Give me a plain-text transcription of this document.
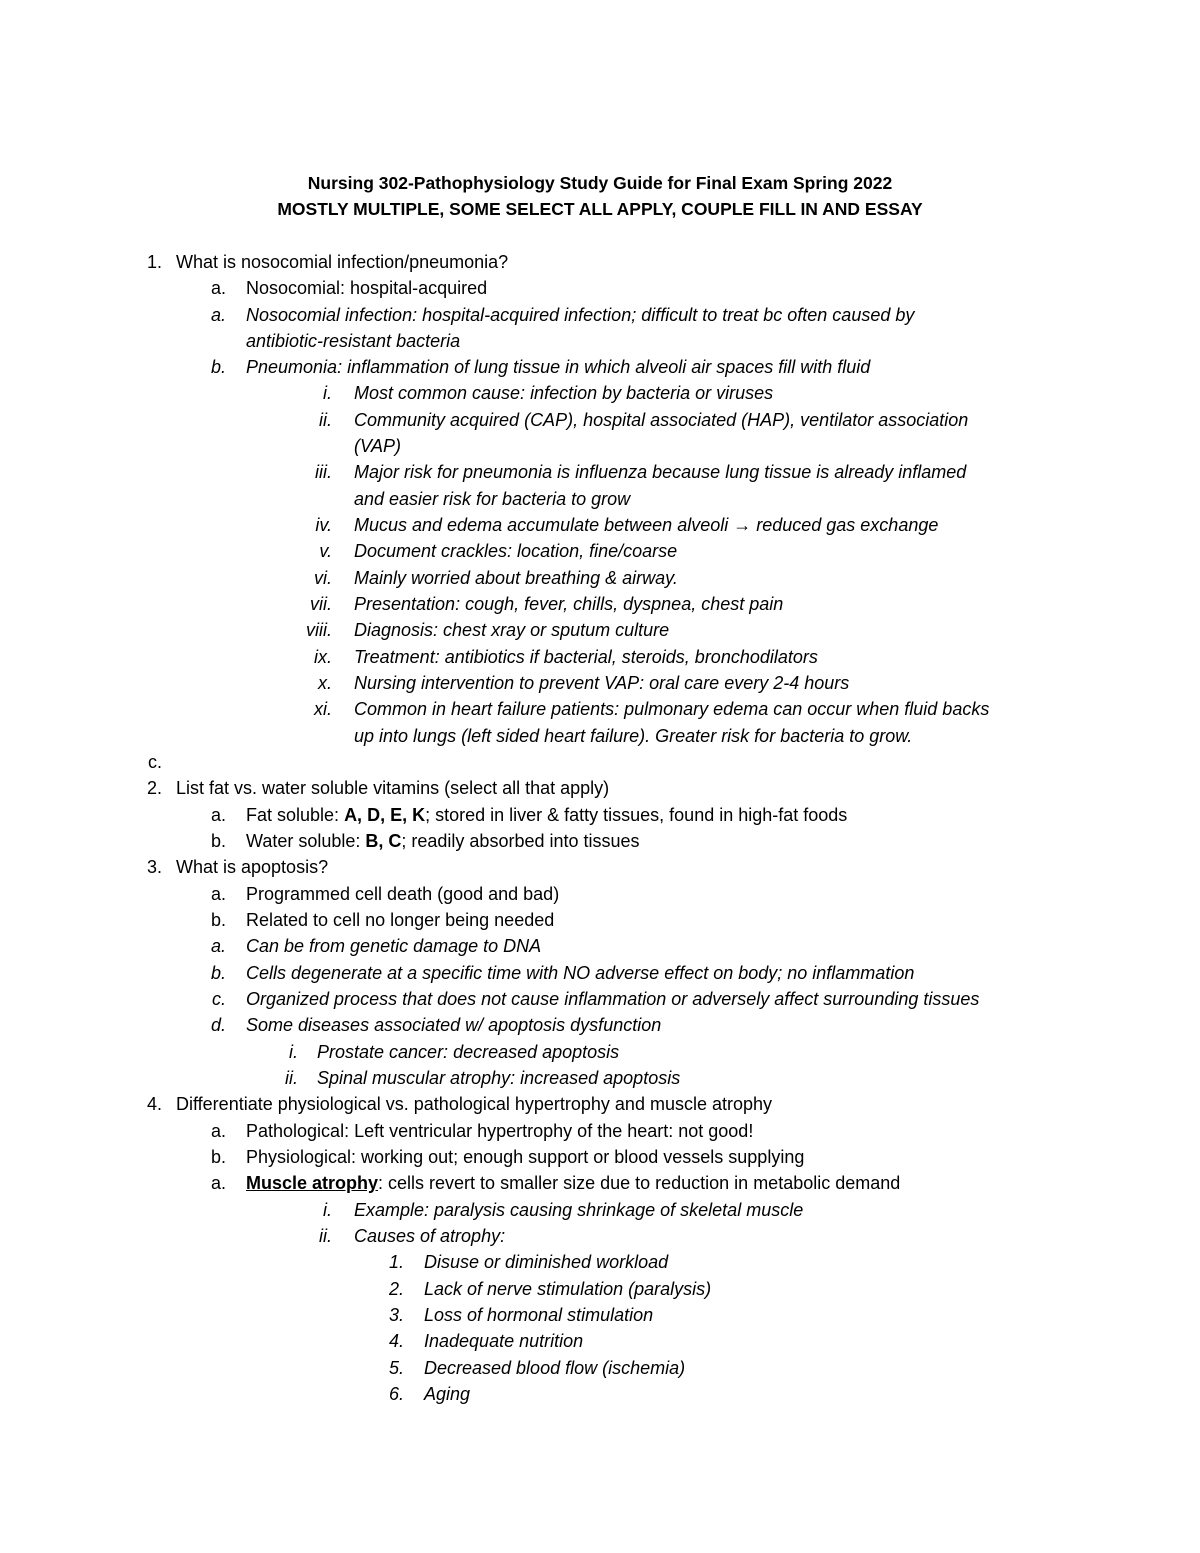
Nursing 302-Pathophysiology Study Guide for Final Exam Spring 2022
MOSTLY MULTIPLE, SOME SELECT ALL APPLY, COUPLE FILL IN AND ESSAY
1. What is nosocomial infection/pneumonia?
a. Nosocomial: hospital-acquired
a. Nosocomial infection: hospital-acquired infection; difficult to treat bc often caused by
antibiotic-resistant bacteria
b. Pneumonia: inflammation of lung tissue in which alveoli air spaces fill with fluid
i. Most common cause: infection by bacteria or viruses
ii. Community acquired (CAP), hospital associated (HAP), ventilator association
(VAP)
iii. Major risk for pneumonia is influenza because lung tissue is already inflamed
and easier risk for bacteria to grow
iv. Mucus and edema accumulate between alveoli → reduced gas exchange
v. Document crackles: location, fine/coarse
vi. Mainly worried about breathing & airway.
vii. Presentation: cough, fever, chills, dyspnea, chest pain
viii. Diagnosis: chest xray or sputum culture
ix. Treatment: antibiotics if bacterial, steroids, bronchodilators
x. Nursing intervention to prevent VAP: oral care every 2-4 hours
xi. Common in heart failure patients: pulmonary edema can occur when fluid backs
up into lungs (left sided heart failure). Greater risk for bacteria to grow.
c.
2. List fat vs. water soluble vitamins (select all that apply)
a. Fat soluble: A, D, E, K; stored in liver & fatty tissues, found in high-fat foods
b. Water soluble: B, C; readily absorbed into tissues
3. What is apoptosis?
a. Programmed cell death (good and bad)
b. Related to cell no longer being needed
a. Can be from genetic damage to DNA
b. Cells degenerate at a specific time with NO adverse effect on body; no inflammation
c. Organized process that does not cause inflammation or adversely affect surrounding tissues
d. Some diseases associated w/ apoptosis dysfunction
i. Prostate cancer: decreased apoptosis
ii. Spinal muscular atrophy: increased apoptosis
4. Differentiate physiological vs. pathological hypertrophy and muscle atrophy
a. Pathological: Left ventricular hypertrophy of the heart: not good!
b. Physiological: working out; enough support or blood vessels supplying
a. Muscle atrophy: cells revert to smaller size due to reduction in metabolic demand
i. Example: paralysis causing shrinkage of skeletal muscle
ii. Causes of atrophy:
1. Disuse or diminished workload
2. Lack of nerve stimulation (paralysis)
3. Loss of hormonal stimulation
4. Inadequate nutrition
5. Decreased blood flow (ischemia)
6. Aging
